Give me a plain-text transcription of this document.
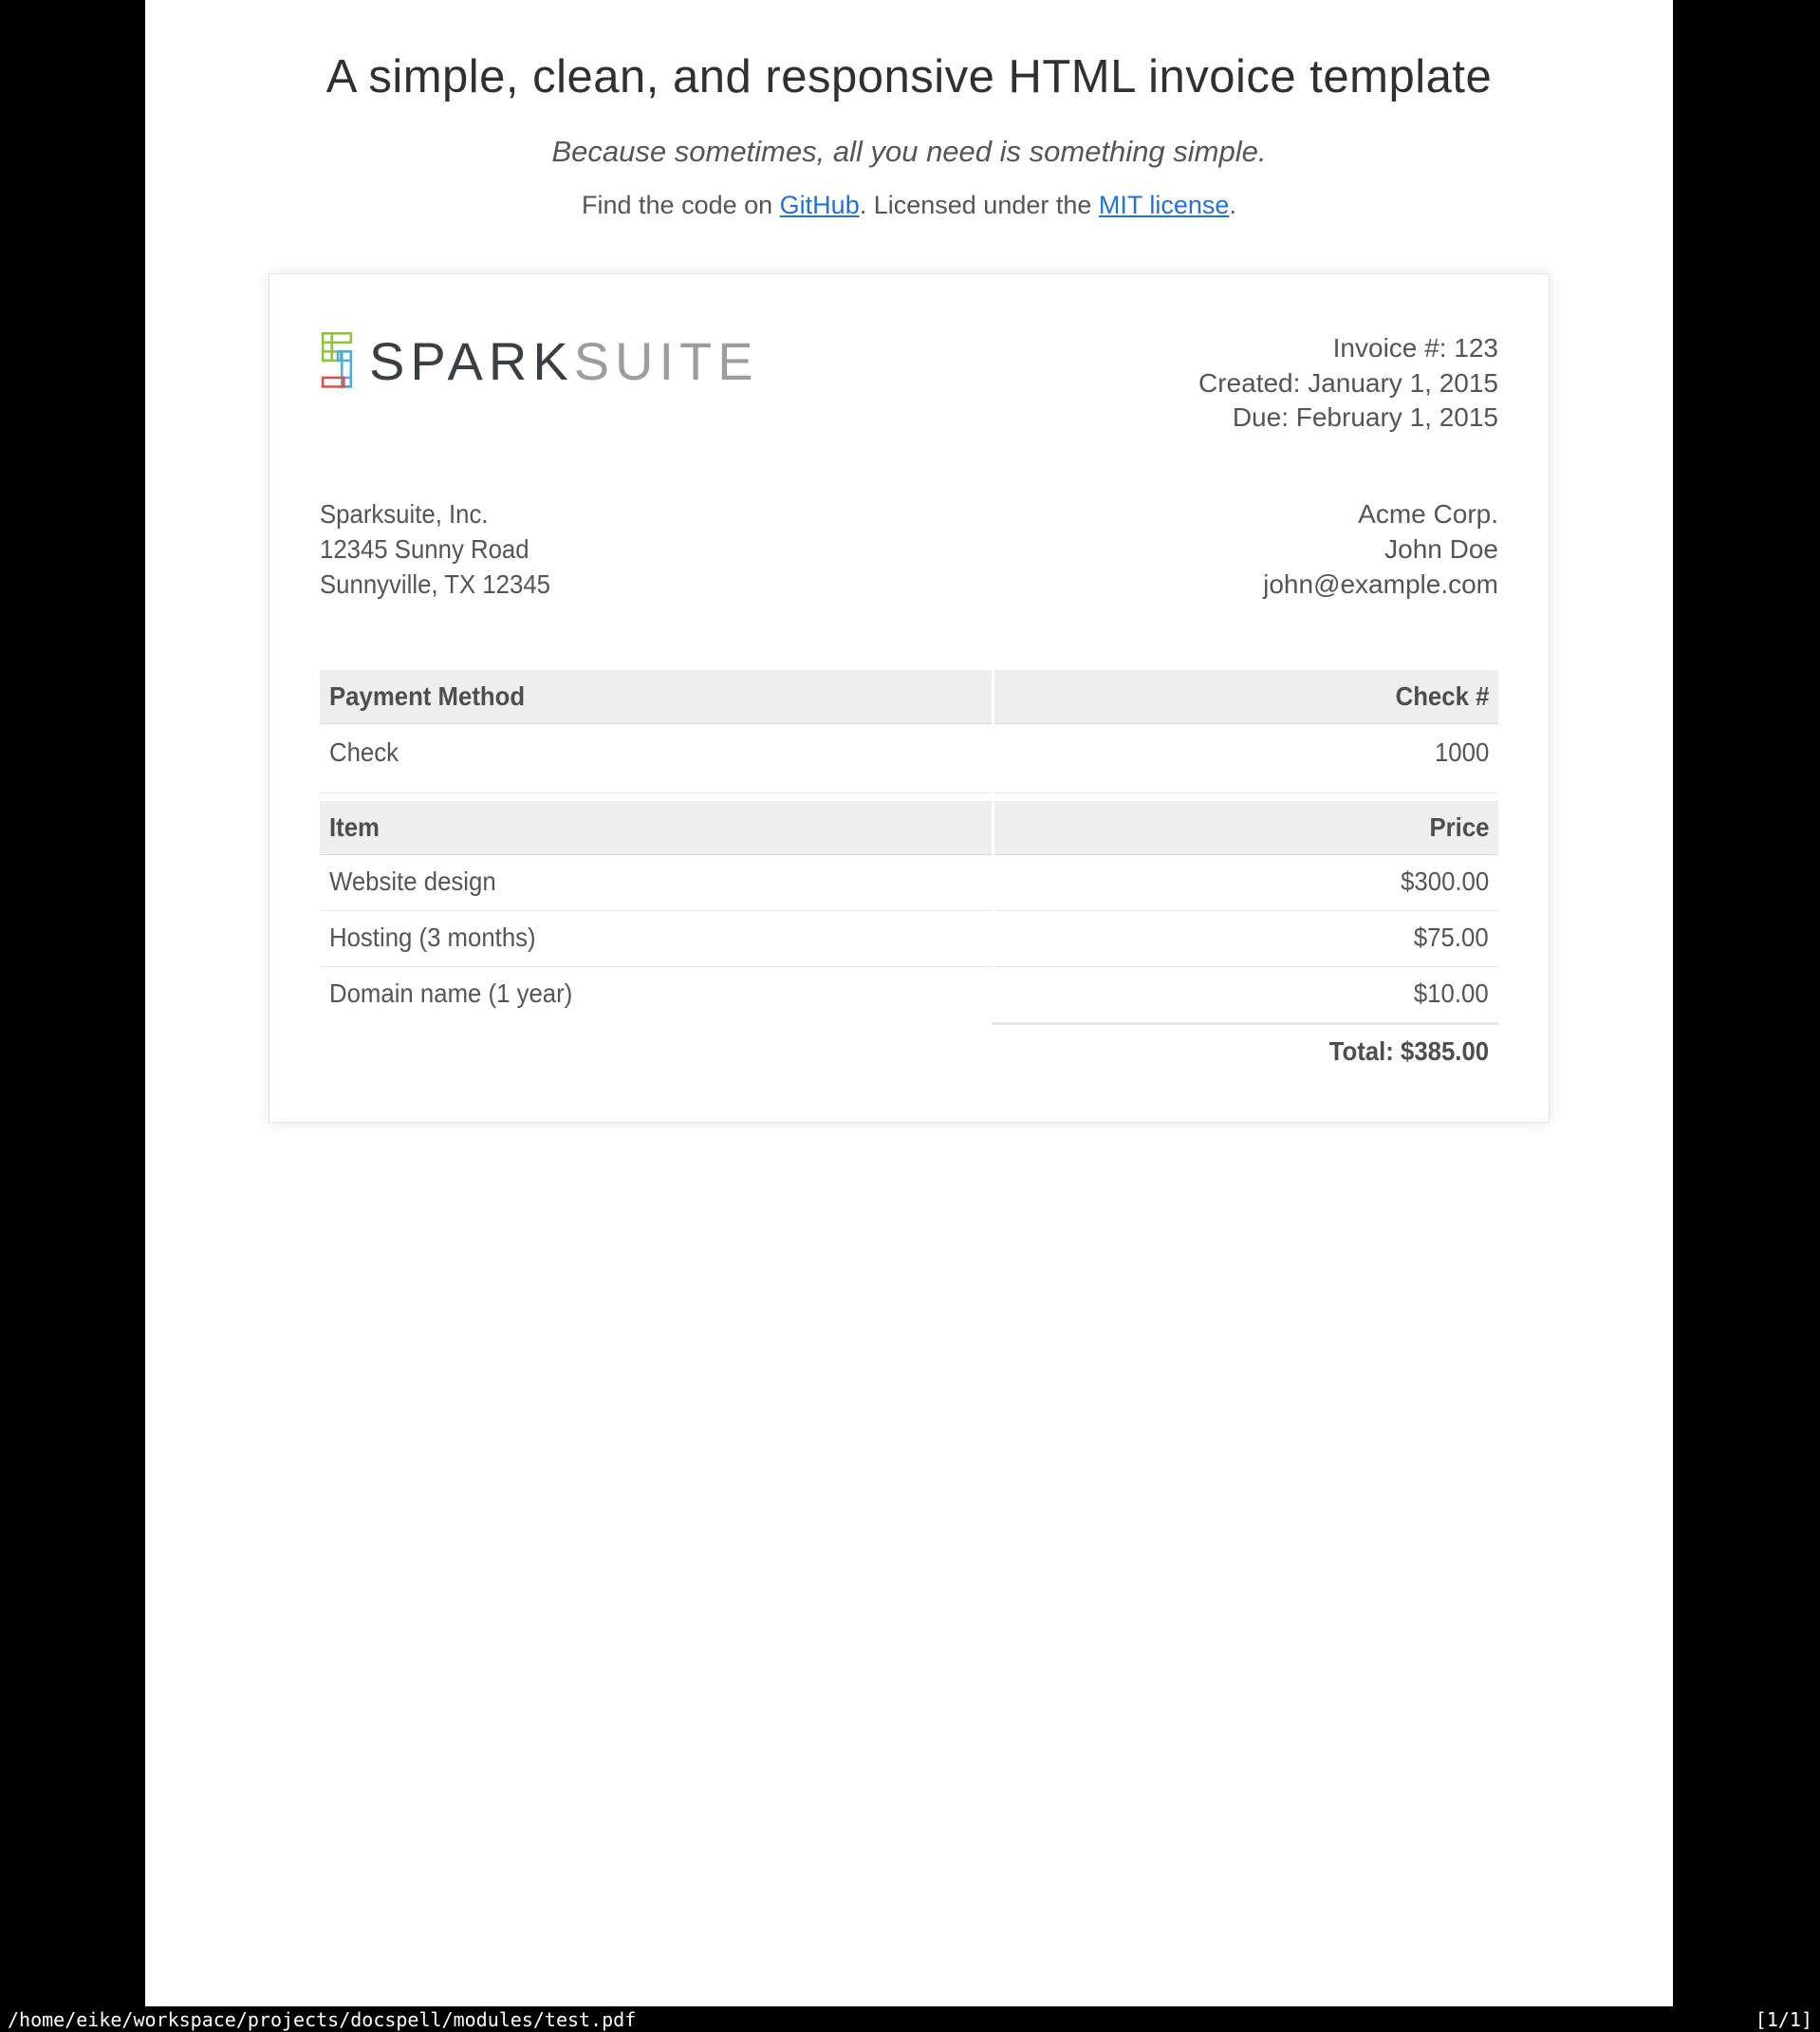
A simple, clean, and responsive HTML invoice template
Because sometimes, all you need is something simple.

Find the code on GitHub. Licensed under the MIT license.

SPARKSUITE	Invoice #: 123
Created: January 1, 2015
Due: February 1, 2015
Sparksuite, Inc.
12345 Sunny Road
Sunnyville, TX 12345
Acme Corp.
John Doe
john@example.com
Payment Method	Check #
Check	1000
Item	Price
Website design	$300.00
Hosting (3 months)	$75.00
Domain name (1 year)	$10.00
Total: $385.00
/home/eike/workspace/projects/docspell/modules/test.pdf	[1/1]
